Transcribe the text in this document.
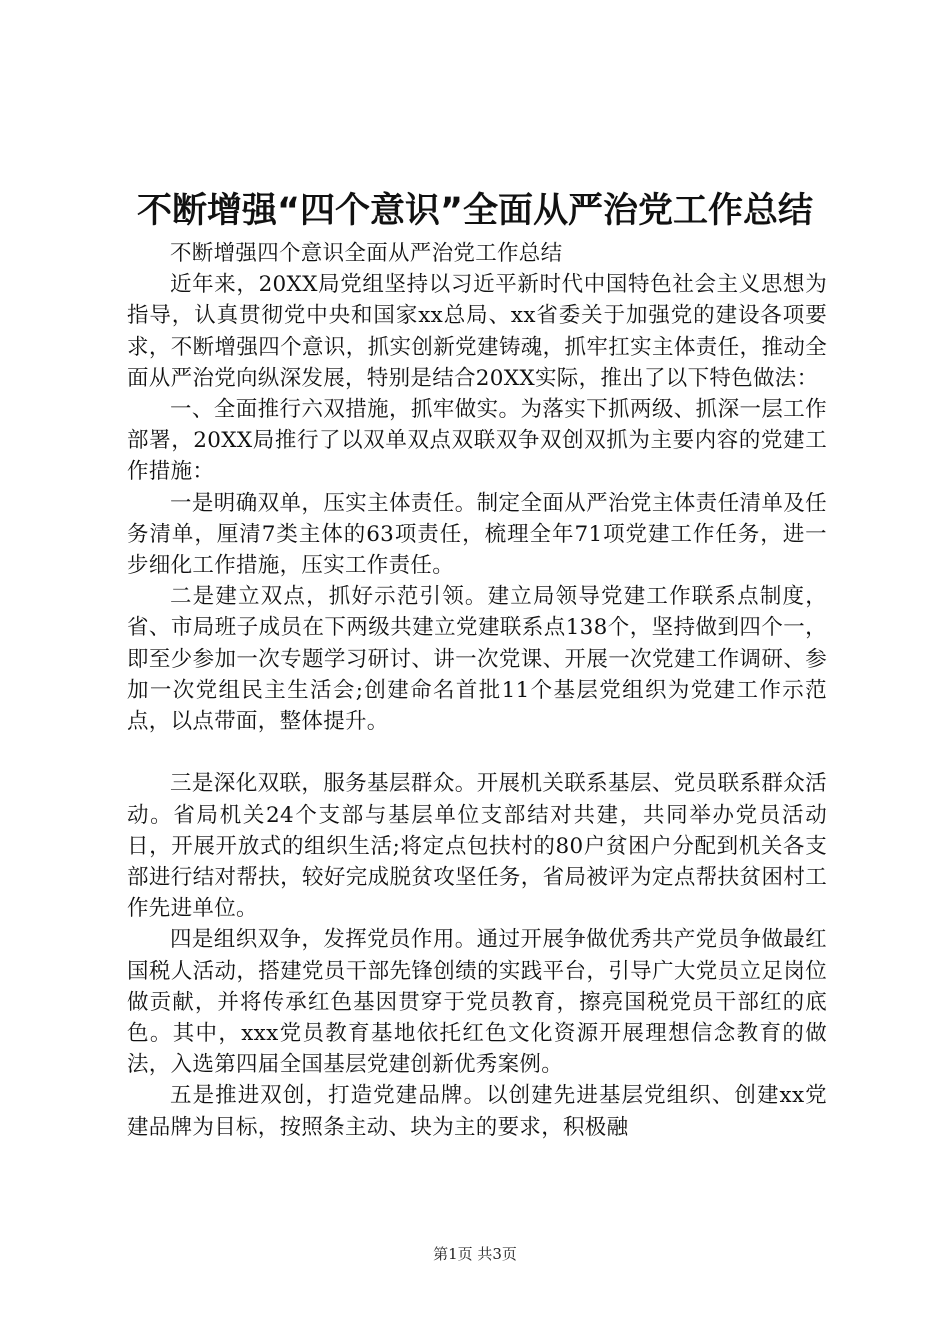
不断增强“四个意识”全面从严治党工作总结

不断增强四个意识全面从严治党工作总结

近年来，20XX局党组坚持以习近平新时代中国特色社会主义思想为指导，认真贯彻党中央和国家xx总局、xx省委关于加强党的建设各项要求，不断增强四个意识，抓实创新党建铸魂，抓牢扛实主体责任，推动全面从严治党向纵深发展，特别是结合20XX实际，推出了以下特色做法：

一、全面推行六双措施，抓牢做实。为落实下抓两级、抓深一层工作部署，20XX局推行了以双单双点双联双争双创双抓为主要内容的党建工作措施：

一是明确双单，压实主体责任。制定全面从严治党主体责任清单及任务清单，厘清7类主体的63项责任，梳理全年71项党建工作任务，进一步细化工作措施，压实工作责任。

二是建立双点，抓好示范引领。建立局领导党建工作联系点制度，省、市局班子成员在下两级共建立党建联系点138个，坚持做到四个一，即至少参加一次专题学习研讨、讲一次党课、开展一次党建工作调研、参加一次党组民主生活会;创建命名首批11个基层党组织为党建工作示范点，以点带面，整体提升。

三是深化双联，服务基层群众。开展机关联系基层、党员联系群众活动。省局机关24个支部与基层单位支部结对共建，共同举办党员活动日，开展开放式的组织生活;将定点包扶村的80户贫困户分配到机关各支部进行结对帮扶，较好完成脱贫攻坚任务，省局被评为定点帮扶贫困村工作先进单位。

四是组织双争，发挥党员作用。通过开展争做优秀共产党员争做最红国税人活动，搭建党员干部先锋创绩的实践平台，引导广大党员立足岗位做贡献，并将传承红色基因贯穿于党员教育，擦亮国税党员干部红的底色。其中，xxx党员教育基地依托红色文化资源开展理想信念教育的做法，入选第四届全国基层党建创新优秀案例。

五是推进双创，打造党建品牌。以创建先进基层党组织、创建xx党建品牌为目标，按照条主动、块为主的要求，积极融

第1页 共3页
